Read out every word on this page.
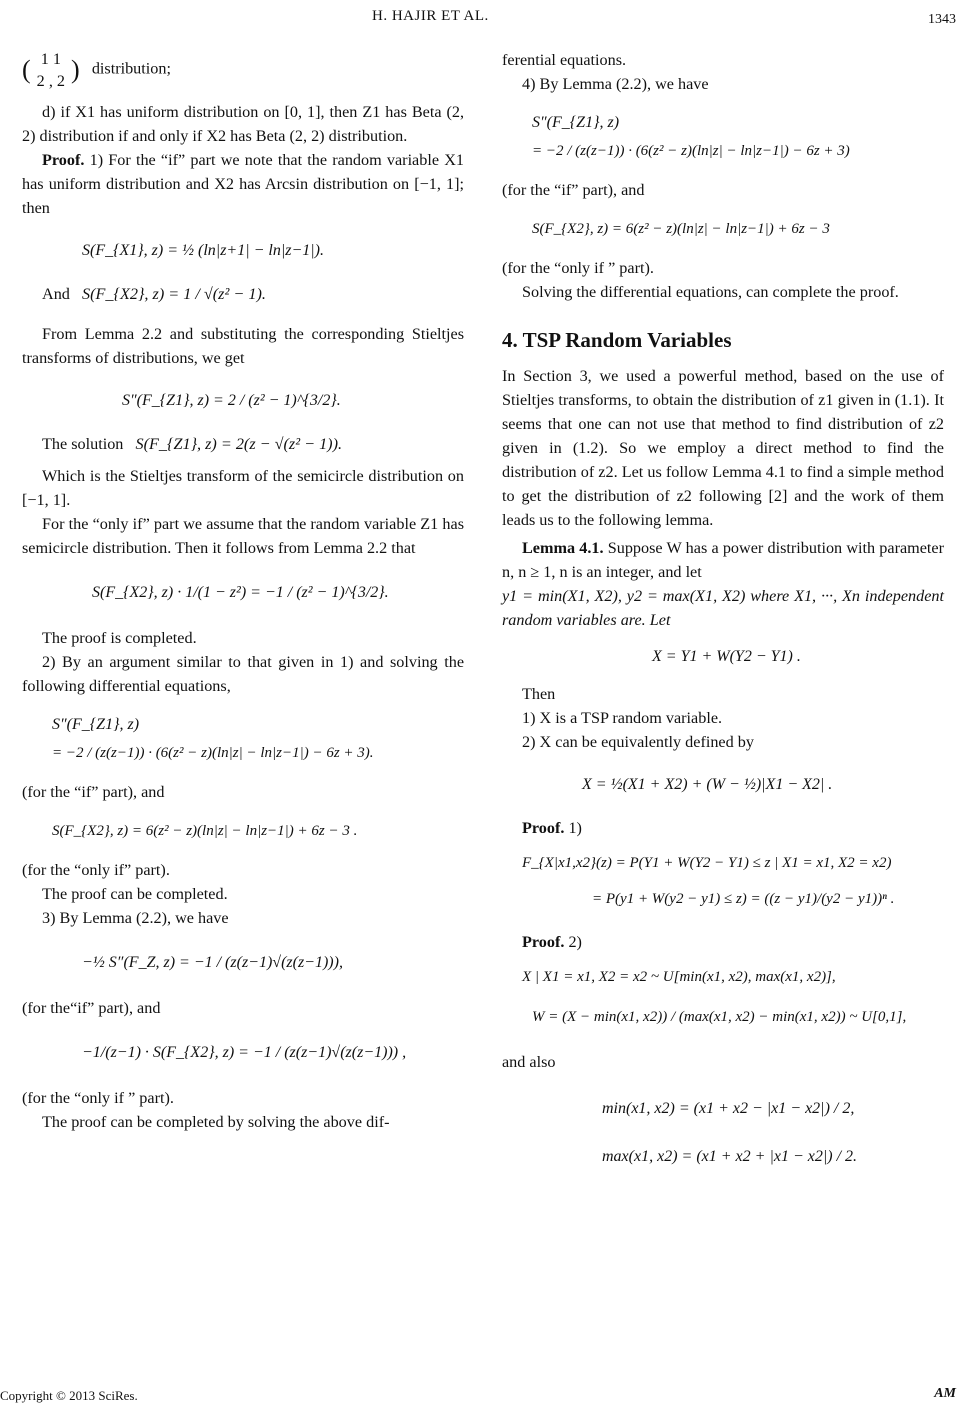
H. HAJIR ET AL.	1343

( 1 1
2 , 2 ) distribution;

d) if X1 has uniform distribution on [0, 1], then Z1 has Beta (2, 2) distribution if and only if X2 has Beta (2, 2) distribution.

Proof. 1) For the “if” part we note that the random variable X1 has uniform distribution and X2 has Arcsin distribution on [−1, 1]; then

S(F_{X1}, z) = ½ (ln|z+1| − ln|z−1|).

And S(F_{X2}, z) = 1 / √(z² − 1).

From Lemma 2.2 and substituting the corresponding Stieltjes transforms of distributions, we get

S″(F_{Z1}, z) = 2 / (z² − 1)^{3/2}.

The solution S(F_{Z1}, z) = 2(z − √(z² − 1)).

Which is the Stieltjes transform of the semicircle distribution on [−1, 1].

For the “only if” part we assume that the random variable Z1 has semicircle distribution. Then it follows from Lemma 2.2 that

S(F_{X2}, z) · 1/(1 − z²) = −1 / (z² − 1)^{3/2}.

The proof is completed.

2) By an argument similar to that given in 1) and solving the following differential equations,

S″(F_{Z1}, z)
= −2 / (z(z−1)) · (6(z² − z)(ln|z| − ln|z−1|) − 6z + 3).

(for the “if” part), and

S(F_{X2}, z) = 6(z² − z)(ln|z| − ln|z−1|) + 6z − 3 .

(for the “only if” part).

The proof can be completed.

3) By Lemma (2.2), we have

−½ S″(F_Z, z) = −1 / (z(z−1)√(z(z−1))),

(for the“if” part), and

−1/(z−1) · S(F_{X2}, z) = −1 / (z(z−1)√(z(z−1))) ,

(for the “only if ” part).

The proof can be completed by solving the above dif-

ferential equations.

4) By Lemma (2.2), we have

S″(F_{Z1}, z)
= −2 / (z(z−1)) · (6(z² − z)(ln|z| − ln|z−1|) − 6z + 3)

(for the “if” part), and

S(F_{X2}, z) = 6(z² − z)(ln|z| − ln|z−1|) + 6z − 3

(for the “only if ” part).

Solving the differential equations, can complete the proof.

4. TSP Random Variables

In Section 3, we used a powerful method, based on the use of Stieltjes transforms, to obtain the distribution of z1 given in (1.1). It seems that one can not use that method to find distribution of z2 given in (1.2). So we employ a direct method to find the distribution of z2. Let us follow Lemma 4.1 to find a simple method to get the distribution of z2 following [2] and the work of them leads us to the following lemma.

Lemma 4.1. Suppose W has a power distribution with parameter n, n ≥ 1, n is an integer, and let

y1 = min(X1, X2), y2 = max(X1, X2) where X1, ···, Xn independent random variables are. Let

X = Y1 + W(Y2 − Y1) .

Then

1) X is a TSP random variable.

2) X can be equivalently defined by

X = ½(X1 + X2) + (W − ½)|X1 − X2| .

Proof. 1)

F_{X|x1,x2}(z) = P(Y1 + W(Y2 − Y1) ≤ z | X1 = x1, X2 = x2)
= P(y1 + W(y2 − y1) ≤ z) = ((z − y1)/(y2 − y1))ⁿ .

Proof. 2)

X | X1 = x1, X2 = x2 ~ U[min(x1, x2), max(x1, x2)],
W = (X − min(x1, x2)) / (max(x1, x2) − min(x1, x2)) ~ U[0,1],

and also

min(x1, x2) = (x1 + x2 − |x1 − x2|) / 2,
max(x1, x2) = (x1 + x2 + |x1 − x2|) / 2.
Copyright © 2013 SciRes.	AM
